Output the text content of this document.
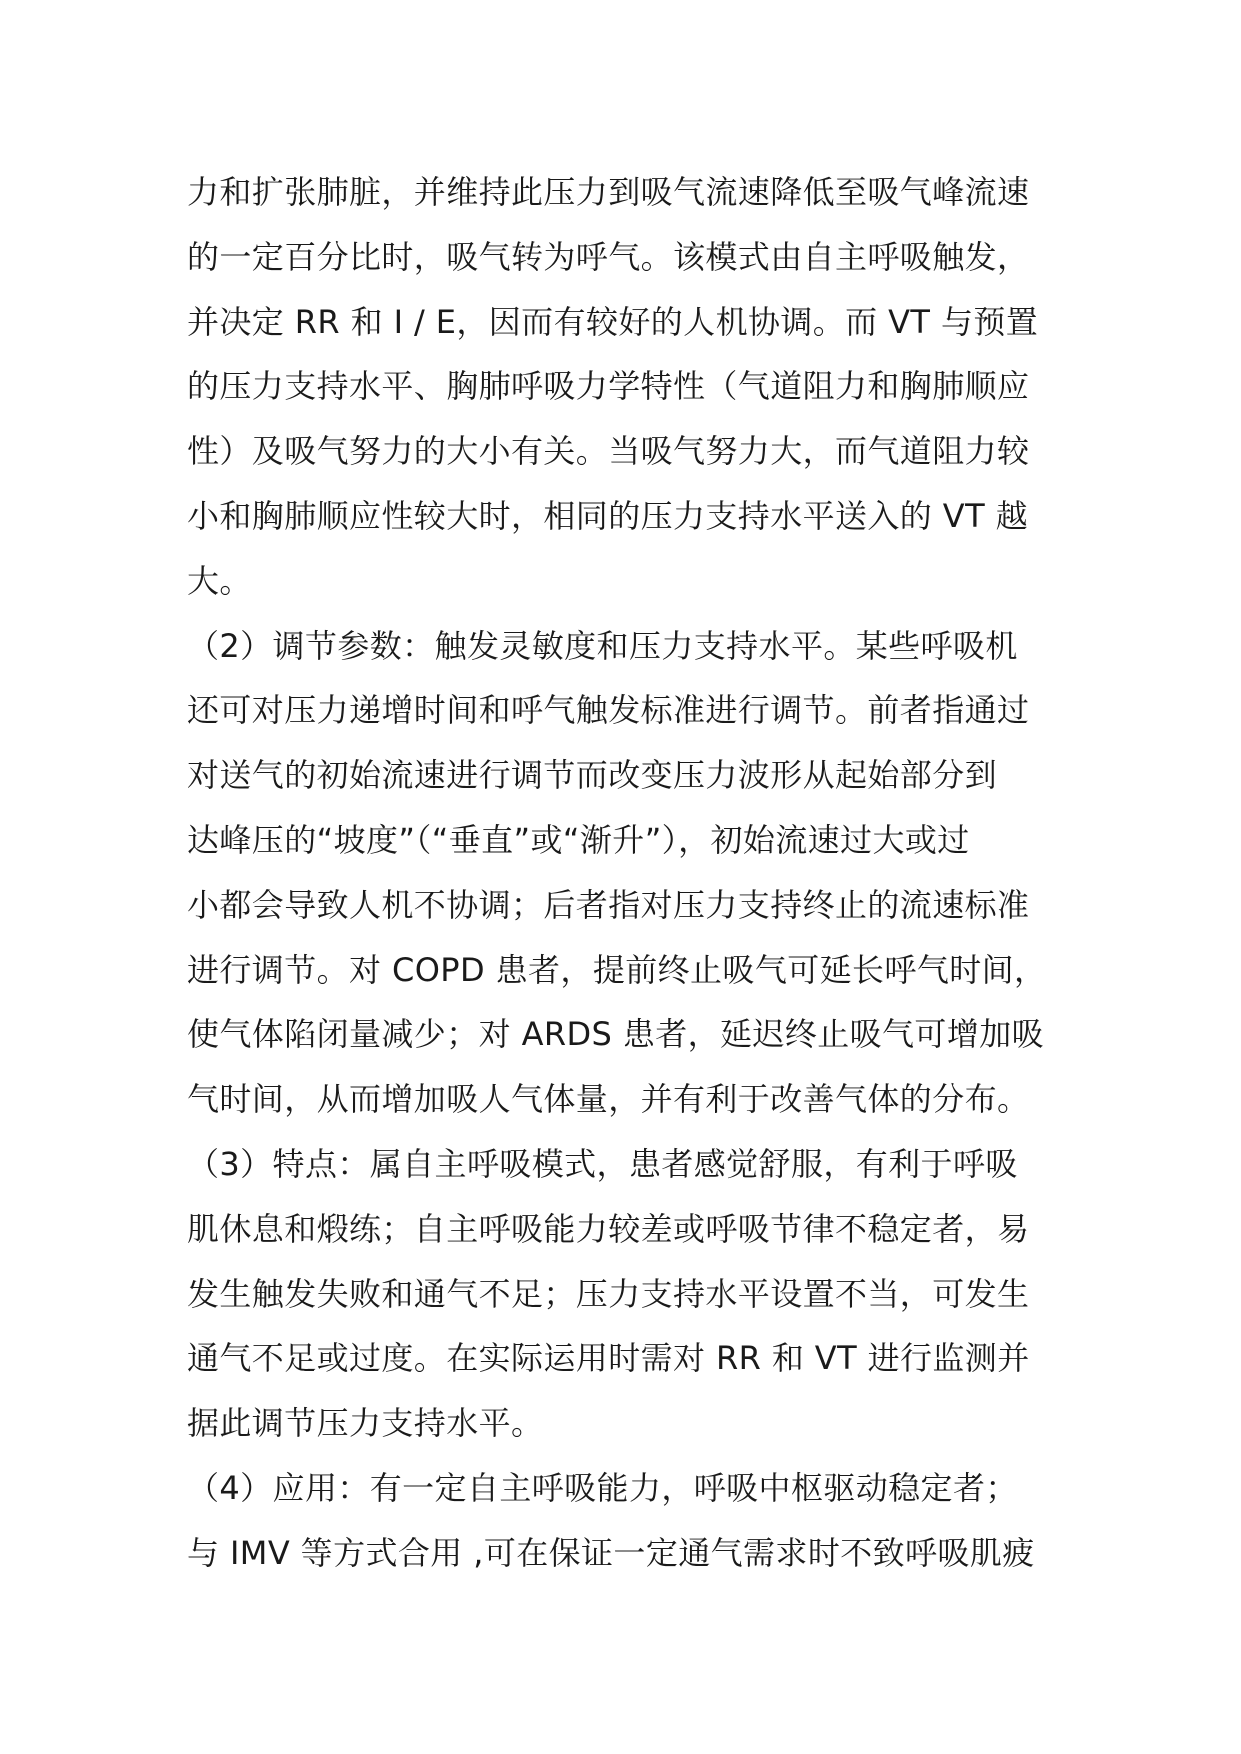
力和扩张肺脏，并维持此压力到吸气流速降低至吸气峰流速
的一定百分比时，吸气转为呼气。该模式由自主呼吸触发，
并决定 RR 和 I / E，因而有较好的人机协调。而 VT 与预置
的压力支持水平、胸肺呼吸力学特性（气道阻力和胸肺顺应
性）及吸气努力的大小有关。当吸气努力大，而气道阻力较
小和胸肺顺应性较大时，相同的压力支持水平送入的 VT 越
大。
（2）调节参数：触发灵敏度和压力支持水平。某些呼吸机
还可对压力递增时间和呼气触发标准进行调节。前者指通过
对送气的初始流速进行调节而改变压力波形从起始部分到
达峰压的“坡度”（“垂直”或“渐升”），初始流速过大或过
小都会导致人机不协调；后者指对压力支持终止的流速标准
进行调节。对 COPD 患者，提前终止吸气可延长呼气时间，
使气体陷闭量减少；对 ARDS 患者，延迟终止吸气可增加吸
气时间，从而增加吸人气体量，并有利于改善气体的分布。
（3）特点：属自主呼吸模式，患者感觉舒服，有利于呼吸
肌休息和煅练；自主呼吸能力较差或呼吸节律不稳定者，易
发生触发失败和通气不足；压力支持水平设置不当，可发生
通气不足或过度。在实际运用时需对 RR 和 VT 进行监测并
据此调节压力支持水平。
（4）应用：有一定自主呼吸能力，呼吸中枢驱动稳定者；
与 IMV 等方式合用 ,可在保证一定通气需求时不致呼吸肌疲
